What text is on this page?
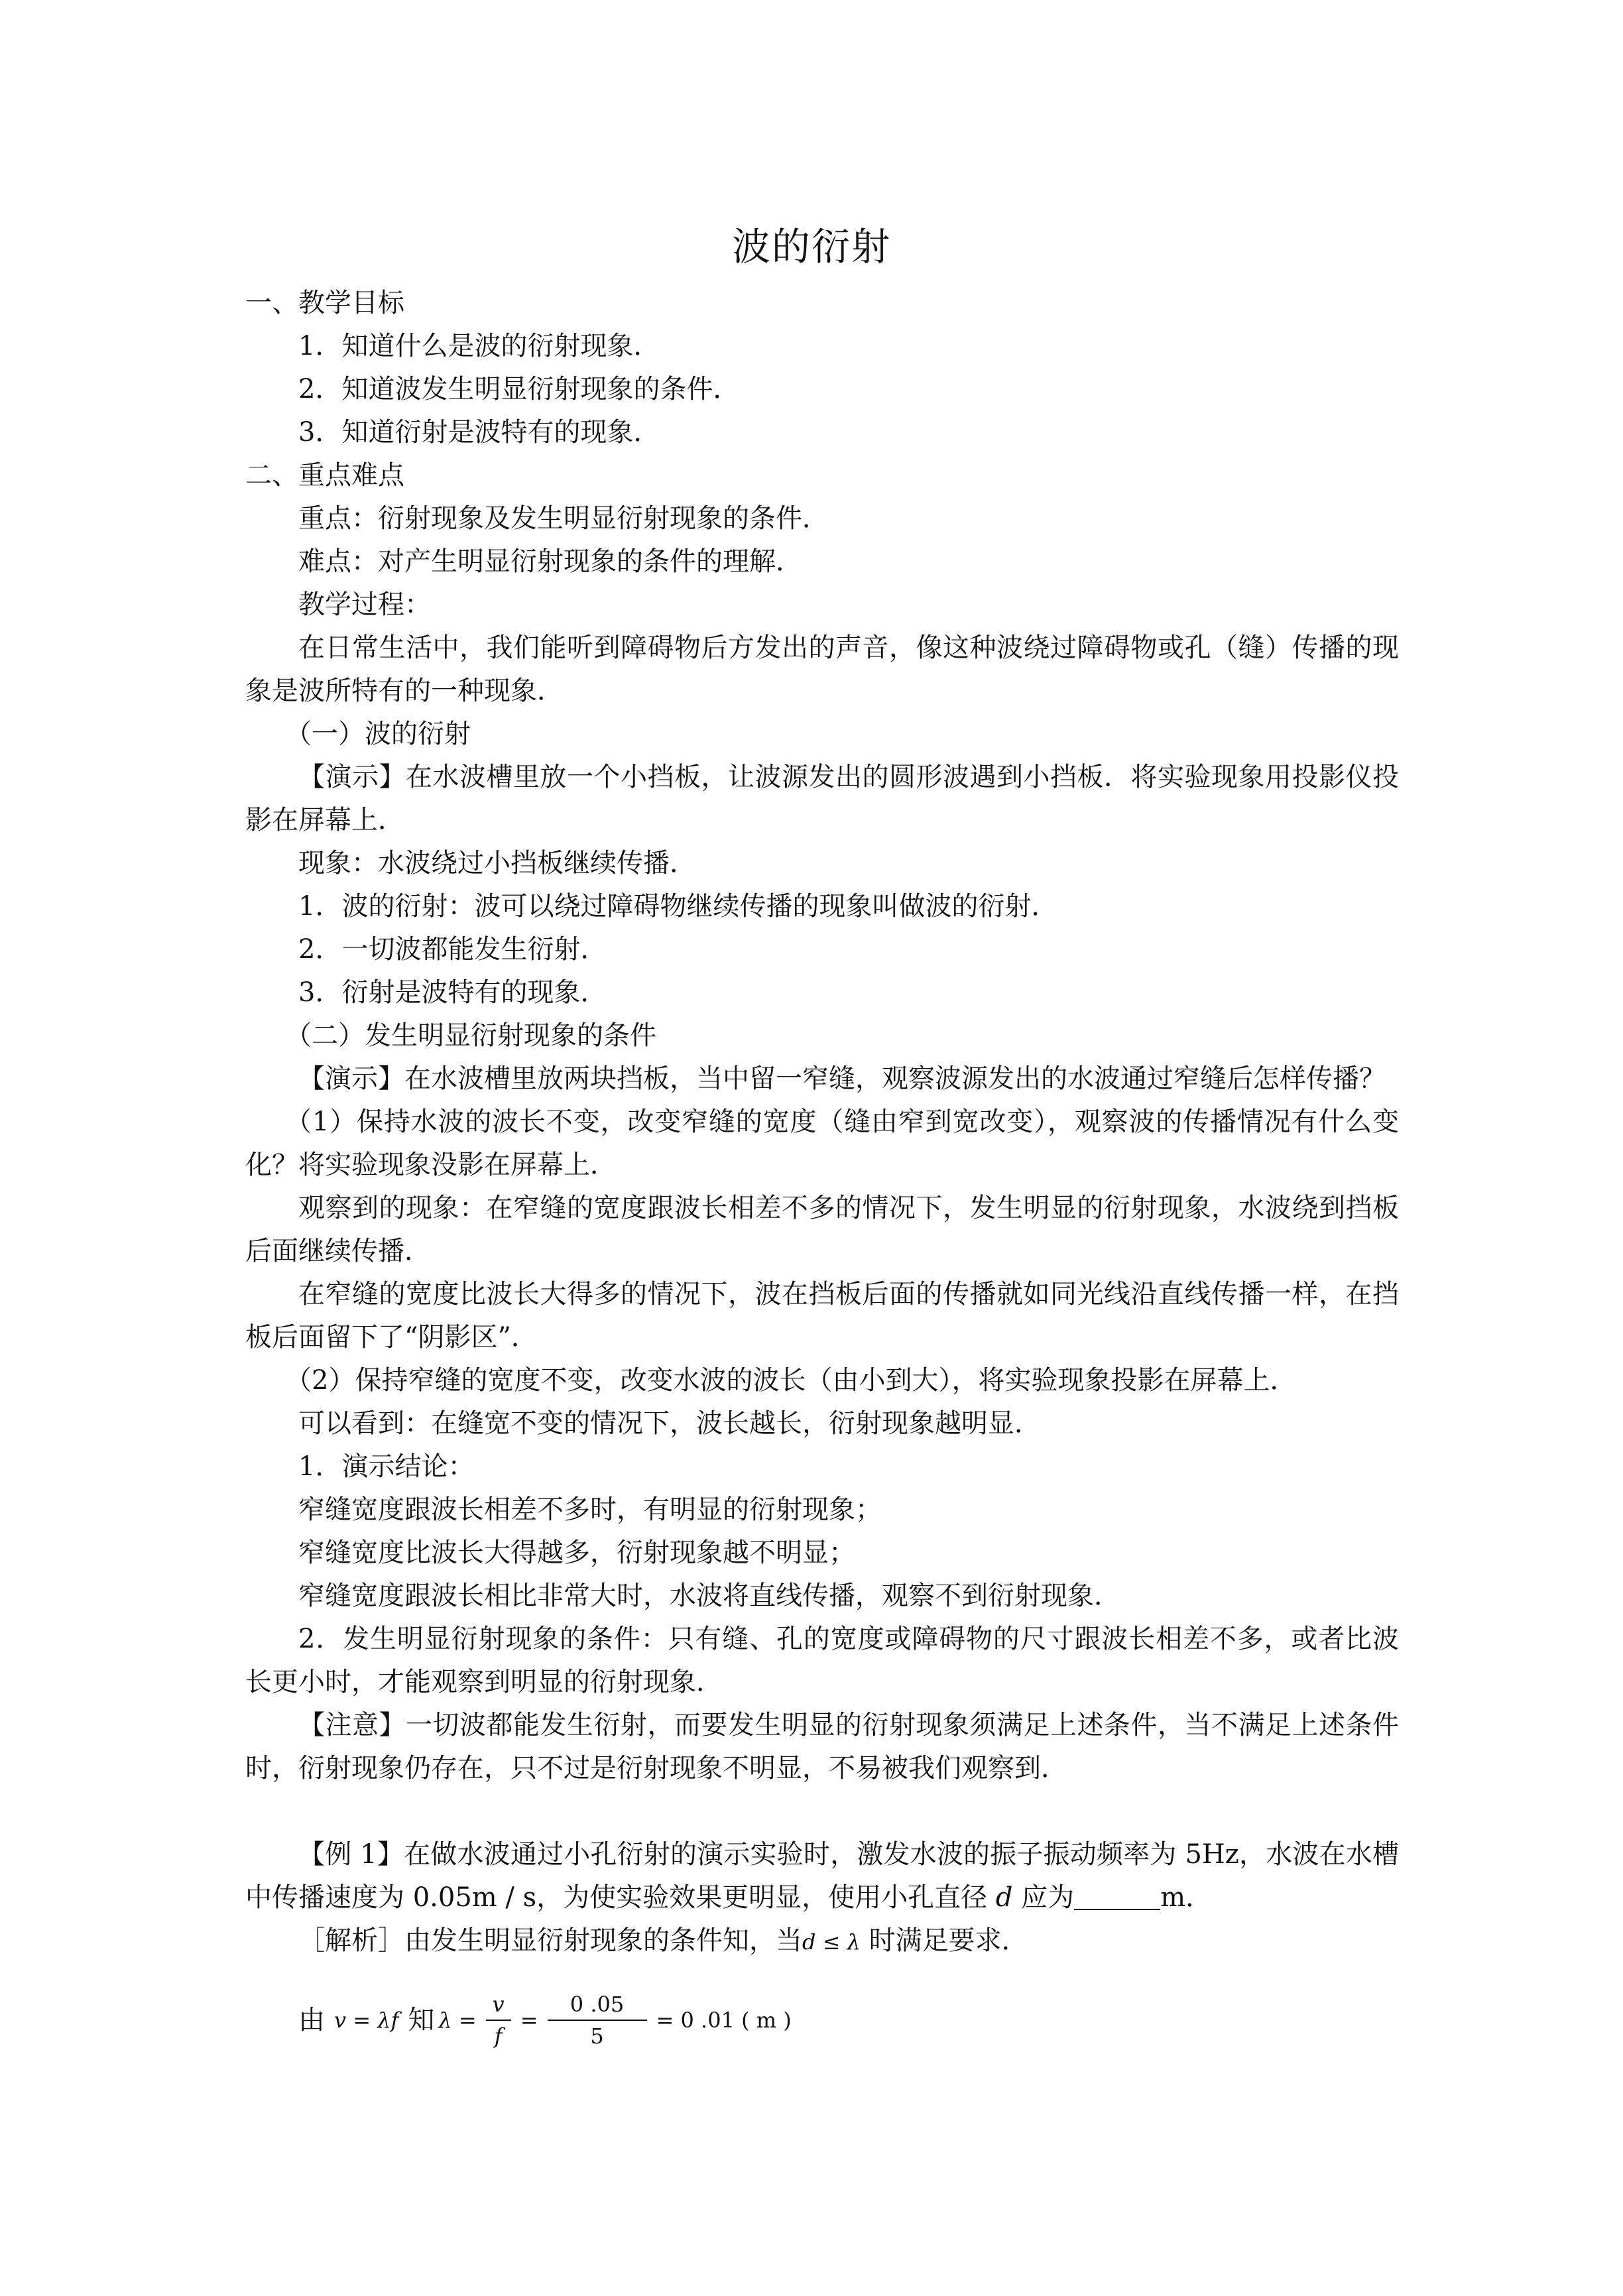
波的衍射

一、教学目标

1．知道什么是波的衍射现象．

2．知道波发生明显衍射现象的条件．

3．知道衍射是波特有的现象．

二、重点难点

重点：衍射现象及发生明显衍射现象的条件．

难点：对产生明显衍射现象的条件的理解．

教学过程：

在日常生活中，我们能听到障碍物后方发出的声音，像这种波绕过障碍物或孔（缝）传播的现象是波所特有的一种现象．

（一）波的衍射

【演示】在水波槽里放一个小挡板，让波源发出的圆形波遇到小挡板．将实验现象用投影仪投影在屏幕上．

现象：水波绕过小挡板继续传播．

1．波的衍射：波可以绕过障碍物继续传播的现象叫做波的衍射．

2．一切波都能发生衍射．

3．衍射是波特有的现象．

（二）发生明显衍射现象的条件

【演示】在水波槽里放两块挡板，当中留一窄缝，观察波源发出的水波通过窄缝后怎样传播？

（1）保持水波的波长不变，改变窄缝的宽度（缝由窄到宽改变），观察波的传播情况有什么变化？将实验现象没影在屏幕上．

观察到的现象：在窄缝的宽度跟波长相差不多的情况下，发生明显的衍射现象，水波绕到挡板后面继续传播．

在窄缝的宽度比波长大得多的情况下，波在挡板后面的传播就如同光线沿直线传播一样，在挡板后面留下了“阴影区”．

（2）保持窄缝的宽度不变，改变水波的波长（由小到大），将实验现象投影在屏幕上．

可以看到：在缝宽不变的情况下，波长越长，衍射现象越明显．

1．演示结论：

窄缝宽度跟波长相差不多时，有明显的衍射现象；

窄缝宽度比波长大得越多，衍射现象越不明显；

窄缝宽度跟波长相比非常大时，水波将直线传播，观察不到衍射现象．

2．发生明显衍射现象的条件：只有缝、孔的宽度或障碍物的尺寸跟波长相差不多，或者比波长更小时，才能观察到明显的衍射现象．

【注意】一切波都能发生衍射，而要发生明显的衍射现象须满足上述条件，当不满足上述条件时，衍射现象仍存在，只不过是衍射现象不明显，不易被我们观察到．

【例 1】在做水波通过小孔衍射的演示实验时，激发水波的振子振动频率为 5Hz，水波在水槽中传播速度为 0.05m / s，为使实验效果更明显，使用小孔直径 d 应为	m．

［解析］由发生明显衍射现象的条件知，当d ≤ λ 时满足要求．

由 v = λf 知 $\lambda = \frac{v}{f} = \frac{0 .05}{5} = 0$ .01 ( m )
